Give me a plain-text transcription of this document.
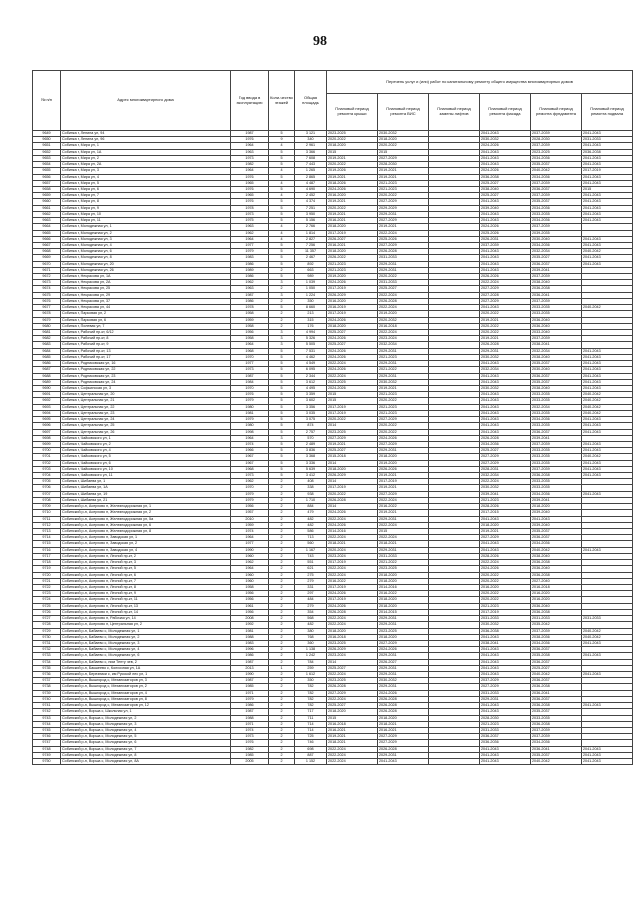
98
№ п/п	Адрес многоквартирного дома	Год ввода в эксплуатацию	Коли-чество этажей	Общая площадь	Перечень услуг и (или) работ по капитальному ремонту общего имущества многоквартирных домов					
					Плановый период ремонта крыши	Плановый период ремонта ВИС	Плановый период замены лифтов	Плановый период ремонта фасада	Плановый период ремонта фундамента	Плановый период ремонта подвала
9649	Собинка г, Ленина ул, 94	1987	5	3 121	2023-2025	2030-2032		2041-2043	2037-2039	2041-2043
9650	Собинка г, Ленина ул, 96	1976	9	340	2020-2022	2018-2020		2030-2032	2028-2030	2031-2033
9651	Собинка г, Мира ул, 1	1964	4	2 961	2018-2020	2020-2022		2024-2026	2037-2039	2041-2043
9652	Собинка г, Мира ул, 1А	1963	5	3 366	2015	2015		2041-2043	2023-2025	2036-2038
9653	Собинка г, Мира ул, 2	1973	5	7 608	2019-2021	2027-2029		2041-2043	2034-2036	2041-2043
9654	Собинка г, Мира ул, 2А	1982	5	7 443	2020-2022	2028-2030		2041-2043	2035-2037	2041-2043
9655	Собинка г, Мира ул, 3	1964	4	1 265	2019-2026	2019-2021		2024-2026	2040-2042	2017-2019
9656	Собинка г, Мира ул, 4	1976	5	2 865	2019-2021	2019-2021		2036-2038	2034-2036	2041-2043
9657	Собинка г, Мира ул, 5	1965	4	4 487	2018-2026	2021-2023		2025-2027	2037-2039	2041-2043
9658	Собинка г, Мира ул, 6	1976	5	4 690	2024-2026	2021-2023		2038-2040	2036-2037	2015
9659	Собинка г, Мира ул, 7	1965	4	2 452	2016-2020	2020-2022		2025-2027	2037-2039	2041-2043
9660	Собинка г, Мира ул, 8	1976	5	4 374	2019-2021	2027-2029		2041-2043	2035-2037	2041-2043
9661	Собинка г, Мира ул, 9	1978	5	7 251	2020-2022	2029-2029		2039-2040	2034-2036	2041-2043
9662	Собинка г, Мира ул, 10	1973	5	3 950	2019-2021	2029-2031		2041-2043	2033-2035	2041-2043
9663	Собинка г, Мира ул, 11	1975	5	5 156	2016-2021	2027-2029		2041-2043	2034-2036	2041-2043
9664	Собинка г, Молодежная ул, 1	1963	4	2 766	2018-2020	2019-2021		2024-2026	2037-2039	
9665	Собинка г, Молодежная ул, 2	1962	4	1 814	2017-2019	2022-2024		2025-2026	2039-2035	
9666	Собинка г, Молодежная ул, 3	1964	4	2 827	2026-2027	2025-2026		2026-2031	2030-2040	2041-2043
9667	Собинка г, Молодежная ул, 4	1977	5	7 256	2016-2021	2027-2029		2037-2039	2034-2036	2041-2043
9668	Собинка г, Молодежная ул, 6	1979	5	11 357	2018-2020	2026-2028		2041-2043	2032-2034	2040-2042
9669	Собинка г, Молодежная ул, 8	1983	5	2 467	2026-2022	2031-2033		2041-2043	2035-2027	2041-2043
9670	Собинка г, Молодежная ул, 20	1986	5	892	2021-2023	2029-2031		2041-2043	2036-2037	2041-2043
9671	Собинка г, Молодежная ул, 26	1989	2	663	2021-2023	2029-2031		2041-2043	2039-2041	
9672	Собинка г, Некрасова ул, 1А	1986	5	989	2019-2020	2020-2022		2026-2026	2037-2039	
9673	Собинка г, Некрасова ул, 2А	1962	3	1 039	2024-2026	2031-2033		2022-2024	2038-2040	
9674	Собинка г, Некрасова ул, 25	1963	2	1 050	2017-2019	2025-2027		2027-2029	2036-2038	
9675	Собинка г, Некрасова ул, 29	1987	3	1 224	2026-2029	2022-2024		2027-2028	2036-2041	
9676	Собинка г, Некрасова ул, 37	1986	2	350	2016-2020	2026-2028		2027-2029	2037-2039	
9677	Собинка г, Некрасова ул, 44	1978	5	8 660	2016-2019	2022-2024		2041-2043	2033-2035	2040-2042
9678	Собинка г, Парковая ул, 2	1958	2	213	2017-2019	2019-2020		2020-2022	2033-2035	
9679	Собинка г, Парковая ул, 6	1959	2	315	2024-2026	2020-2032		2019-2021	2036-2040	
9680	Собинка г, Полевая ул, 7	1958	2	176	2018-2020	2016-2018		2020-2022	2036-2040	
9681	Собинка г, Рабочий пр-кт, 6/12	1956	3	4 994	2025-2027	2022-2024		2020-2022	2033-2040	
9682	Собинка г, Рабочий пр-кт, 8	1958	3	5 326	2024-2026	2023-2024		2019-2021	2037-2039	
9683	Собинка г, Рабочий пр-кт, 9	1964	3	5 505	2025-2027	2032-2034		2026-2028	2038-2041	
9684	Собинка г, Рабочий пр-кт, 13	1968	5	7 531	2024-2026	2029-2031		2029-2031	2032-2034	2041-2043
9685	Собинка г, Рабочий пр-кт, 17	1970	5	4 462	2024-2026	2021-2023		2030-2032	2038-2040	2041-2043
9686	Собинка г, Родниковская ул, 16	1977	5	4 549	2022-2024	2029-2031		2041-2043	2035-2037	2041-2043
9687	Собинка г, Родниковская ул, 22	1973	5	6 095	2024-2026	2021-2022		2032-2034	2030-2040	2041-2043
9688	Собинка г, Родниковская ул, 23	1987	5	2 344	2022-2024	2029-2031		2041-2043	2036-2037	2041-2043
9689	Собинка г, Родниковская ул, 24	1984	5	3 612	2023-2025	2030-2032		2041-2043	2035-2037	2041-2043
9690	Собинка г, Софьинская ул, 3	1970	5	4 495	2024-2026	2019-2021		2030-2032	2038-2040	2041-2043
9691	Собинка г, Центральная ул, 20	1976	5	3 359	2015	2021-2023		2041-2043	2033-2035	2040-2042
9692	Собинка г, Центральная ул, 21	1979	5	3 602	2015	2020-2022		2041-2043	2033-2035	2040-2042
9693	Собинка г, Центральная ул, 22	1980	5	3 356	2017-2019	2021-2023		2041-2043	2032-2034	2040-2042
9694	Собинка г, Центральная ул, 23	1981	5	3 035	2017-2019	2021-2023		2041-2043	2033-2035	2040-2042
9695	Собинка г, Центральная ул, 24	1979	5	3 075	2020-2022	2027-2029		2041-2043	2034-2036	2041-2043
9696	Собинка г, Центральная ул, 25	1980	5	874	2014	2020-2022		2041-2043	2033-2035	2041-2043
9697	Собинка г, Центральная ул, 26	1998	5	2 757	2023-2025	2020-2022		2041-2043	2036-2037	2041-2043
9698	Собинка г, Чайковского ул, 1	1964	3	570	2027-2029	2024-2026		2026-2028	2039-2041	
9699	Собинка г, Чайковского ул, 2	1974	5	2 489	2019-2021	2027-2029		2034-2036	2037-2039	2041-2043
9700	Собинка г, Чайковского ул, 4	1966	5	3 836	2025-2027	2029-2031		2025-2027	2033-2035	2041-2043
9701	Собинка г, Чайковского ул, 5	1967	5	3 368	2015-2018	2018-2020		2027-2029	2033-2035	2040-2042
9702	Собинка г, Чайковского ул, 6	1967	5	3 336	2014	2019-2020		2027-2029	2033-2035	2041-2043
9703	Собинка г, Чайковского ул, 10	1968	5	5 639	2018-2020	2026-2026		2028-2031	2037-2039	2041-2043
9704	Собинка г, Чайковского ул, 11	1973	5	3 412	2026-2029	2019-2021		2032-2034	2036-2038	2041-2043
9705	Собинка г, Шибаева ул, 1	1962	2	408	2014	2017-2019		2022-2024	2033-2035	
9706	Собинка г, Шибаева ул, 1А	1970	2	338	2017-2019	2019-2021		2030-2032	2033-2035	
9707	Собинка г, Шибаева ул, 19	1979	2	938	2020-2022	2027-2029		2039-2041	2034-2036	2041-2043
9708	Собинка г, Шибаева ул, 21	1979	2	1 710	2026-2028	2022-2024		2021-2023	2039-2041	
9709	Собинский р-н, Асерхово п, Железнодорожная ул, 1	1956	2	884	2014	2016-2022		2028-2026	2018-2020	
9710	Собинский р-н, Асерхово п, Железнодорожная ул, 2	1957	2	479	2024-2026	2019-2021		2017-2015	2039-2040	
9711	Собинский р-н, Асерхово п, Железнодорожная ул, 5а	2010	2	482	2022-2024	2029-2031		2041-2043	2041-2043	
9712	Собинский р-н, Асерхово п, Железнодорожная ул, 6	1959	2	482	2024-2026	2022-2024		2018-2020	2039-2040	
9713	Собинский р-н, Асерхово п, Железнодорожная ул, 8	1974	2	586	2014-2016	2015		2019-2021	2035-2037	
9714	Собинский р-н, Асерхово п, Заводская ул, 1	1964	2	713	2022-2024	2022-2024		2027-2029	2036-2037	
9715	Собинский р-н, Асерхово п, Заводская ул, 2	1977	2	560	2018-2021	2018-2021		2041-2043	2034-2036	
9716	Собинский р-н, Асерхово п, Заводская ул, 4	1990	2	1 167	2020-2024	2029-2031		2041-2043	2040-2042	2041-2043
9717	Собинский р-н, Асерхово п, Лесной пр-кт, 2	1960	2	743	2023-2024	2031-2033		2028-2026	2038-2040	
9718	Собинский р-н, Асерхово п, Лесной пр-кт, 3	1962	2	551	2017-2019	2021-2022		2022-2024	2036-2038	
9719	Собинский р-н, Асерхово п, Лесной пр-кт, 5	1964	2	621	2022-2024	2023-2025		2024-2026	2036-2040	
9720	Собинский р-н, Асерхово п, Лесной пр-кт, 6	1960	2	275	2022-2024	2018-2020		2020-2022	2036-2038	
9721	Собинский р-н, Асерхово п, Лесной пр-кт, 7	1960	2	279	2016-2022	2018-2020		2020-2022	2027-2040	
9722	Собинский р-н, Асерхово п, Лесной пр-кт, 8	1958	2	331	2017-2019	2014-2016		2016-2020	2016-2018	
9723	Собинский р-н, Асерхово п, Лесной пр-кт, 9	1956	2	297	2024-2026	2016-2022		2020-2022	2016-2020	
9724	Собинский р-н, Асерхово п, Лесной пр-кт, 11	1956	2	484	2017-2019	2018-2020		2020-2022	2016-2020	
9725	Собинский р-н, Асерхово п, Лесной пр-кт, 13	1961	2	279	2024-2026	2018-2020		2021-2023	2036-2040	
9726	Собинский р-н, Асерхово п, Лесной пр-кт, 14	1956	2	354	2026-2028	2014-2015		2017-2019	2036-2038	
9727	Собинский р-н, Асерхово п, Рабочая ул, 14	2008	2	568	2022-2024	2029-2031		2031-2033	2031-2033	2031-2033
9728	Собинский р-н, Асерхово п, Центральная ул, 2	1992	2	482	2022-2024	2029-2031		2030-2032	2035-2042	
9729	Собинский р-н, Бабаево с, Молодежная ул, 1	1981	2	380	2018-2020	2023-2025		2036-2038	2037-2039	2040-2042
9730	Собинский р-н, Бабаево с, Молодежная ул, 2	1988	2	768	2016-2018	2018-2020		2041-2043	2038-2036	2040-2042
9731	Собинский р-н, Бабаево с, Молодежная ул, 3	1983	2	360	2023-2025	2027-2029		2038-2041	2034-2036	2041-2043
9732	Собинский р-н, Бабаево с, Молодежная ул, 4	1996	2	1 138	2026-2029	2024-2026		2041-2043	2036-2037	
9733	Собинский р-н, Бабаево с, Молодежная ул, 6	1986	2	1 242	2023-2024	2029-2031		2041-2043	2035-2038	2041-2043
9734	Собинский р-н, Бабаево с, ним Тенту чев, 2	1987	2	784	2014	2026-2027		2041-2043	2036-2037	
9735	Собинский р-н, Бакшеево с, Колхозная ул, 1А	2013	1	259	2025-2027	2029-2031		2041-2043	2025-2027	
9736	Собинский р-н, Березники с, им Русской лес ул, 1	1990	2	1 612	2022-2024	2029-2031		2041-2043	2040-2042	2041-2043
9737	Собинский р-н, Вышгород с, Механизаторов ул, 3	1987	2	350	2023-2025	2030-2032		2037-2029	2036-2037	
9738	Собинский р-н, Вышгород с, Механизаторов ул, 2	1985	2	782	2026-2028	2029-2031		2027-2029	2036-2038	
9739	Собинский р-н, Вышгород с, Механизаторов ул, 4	1971	2	782	2027-2029	2024-2026		2031-2033	2036-2041	
9740	Собинский р-н, Вышгород с, Механизаторов ул, 8	1979	2	782	2022-2024	2026-2028		2029-2031	2036-2037	
9741	Собинский р-н, Вышгород с, Механизаторов ул, 12	1986	2	782	2025-2027	2026-2028		2041-2043	2036-2038	2041-2043
9742	Собинский р-н, Воршa с, Школьная ул, 1	1987	2	717	2018-2020	2026-2028		2041-2043	2035-2037	
9743	Собинский р-н, Воршa с, Молодежная ул, 2	1988	2	711	2015	2018-2020		2028-2030	2033-2035	
9744	Собинский р-н, Воршa с, Молодежная ул, 3	1971	2	714	2016-2018	2018-2021		2021-2023	2036-2038	
9745	Собинский р-н, Воршa с, Молодежная ул, 4	1974	2	714	2016-2021	2016-2021		2031-2033	2037-2039	
9746	Собинский р-н, Воршa с, Молодежная ул, 5	1973	2	725	2019-2021	2027-2029		2036-2037	2037-2039	
9747	Собинский р-н, Воршa с, Молодежная ул, 6	1976	2	746	2018-2021	2027-2029		2036-2036	2034-2036	
9748	Собинский р-н, Воршa с, Молодежная ул, 7	1982	2	698	2022-2024	2026-2028		2041-2043	2036-2041	2041-2043
9749	Собинский р-н, Воршa с, Молодежная ул, 8	1985	2	887	2022-2024	2029-2031		2041-2043	2035-2037	2041-2043
9750	Собинский р-н, Воршa с, Молодежная ул, 8А	2005	2	1 152	2022-2024	2041-2043		2041-2043	2040-2042	2041-2043
